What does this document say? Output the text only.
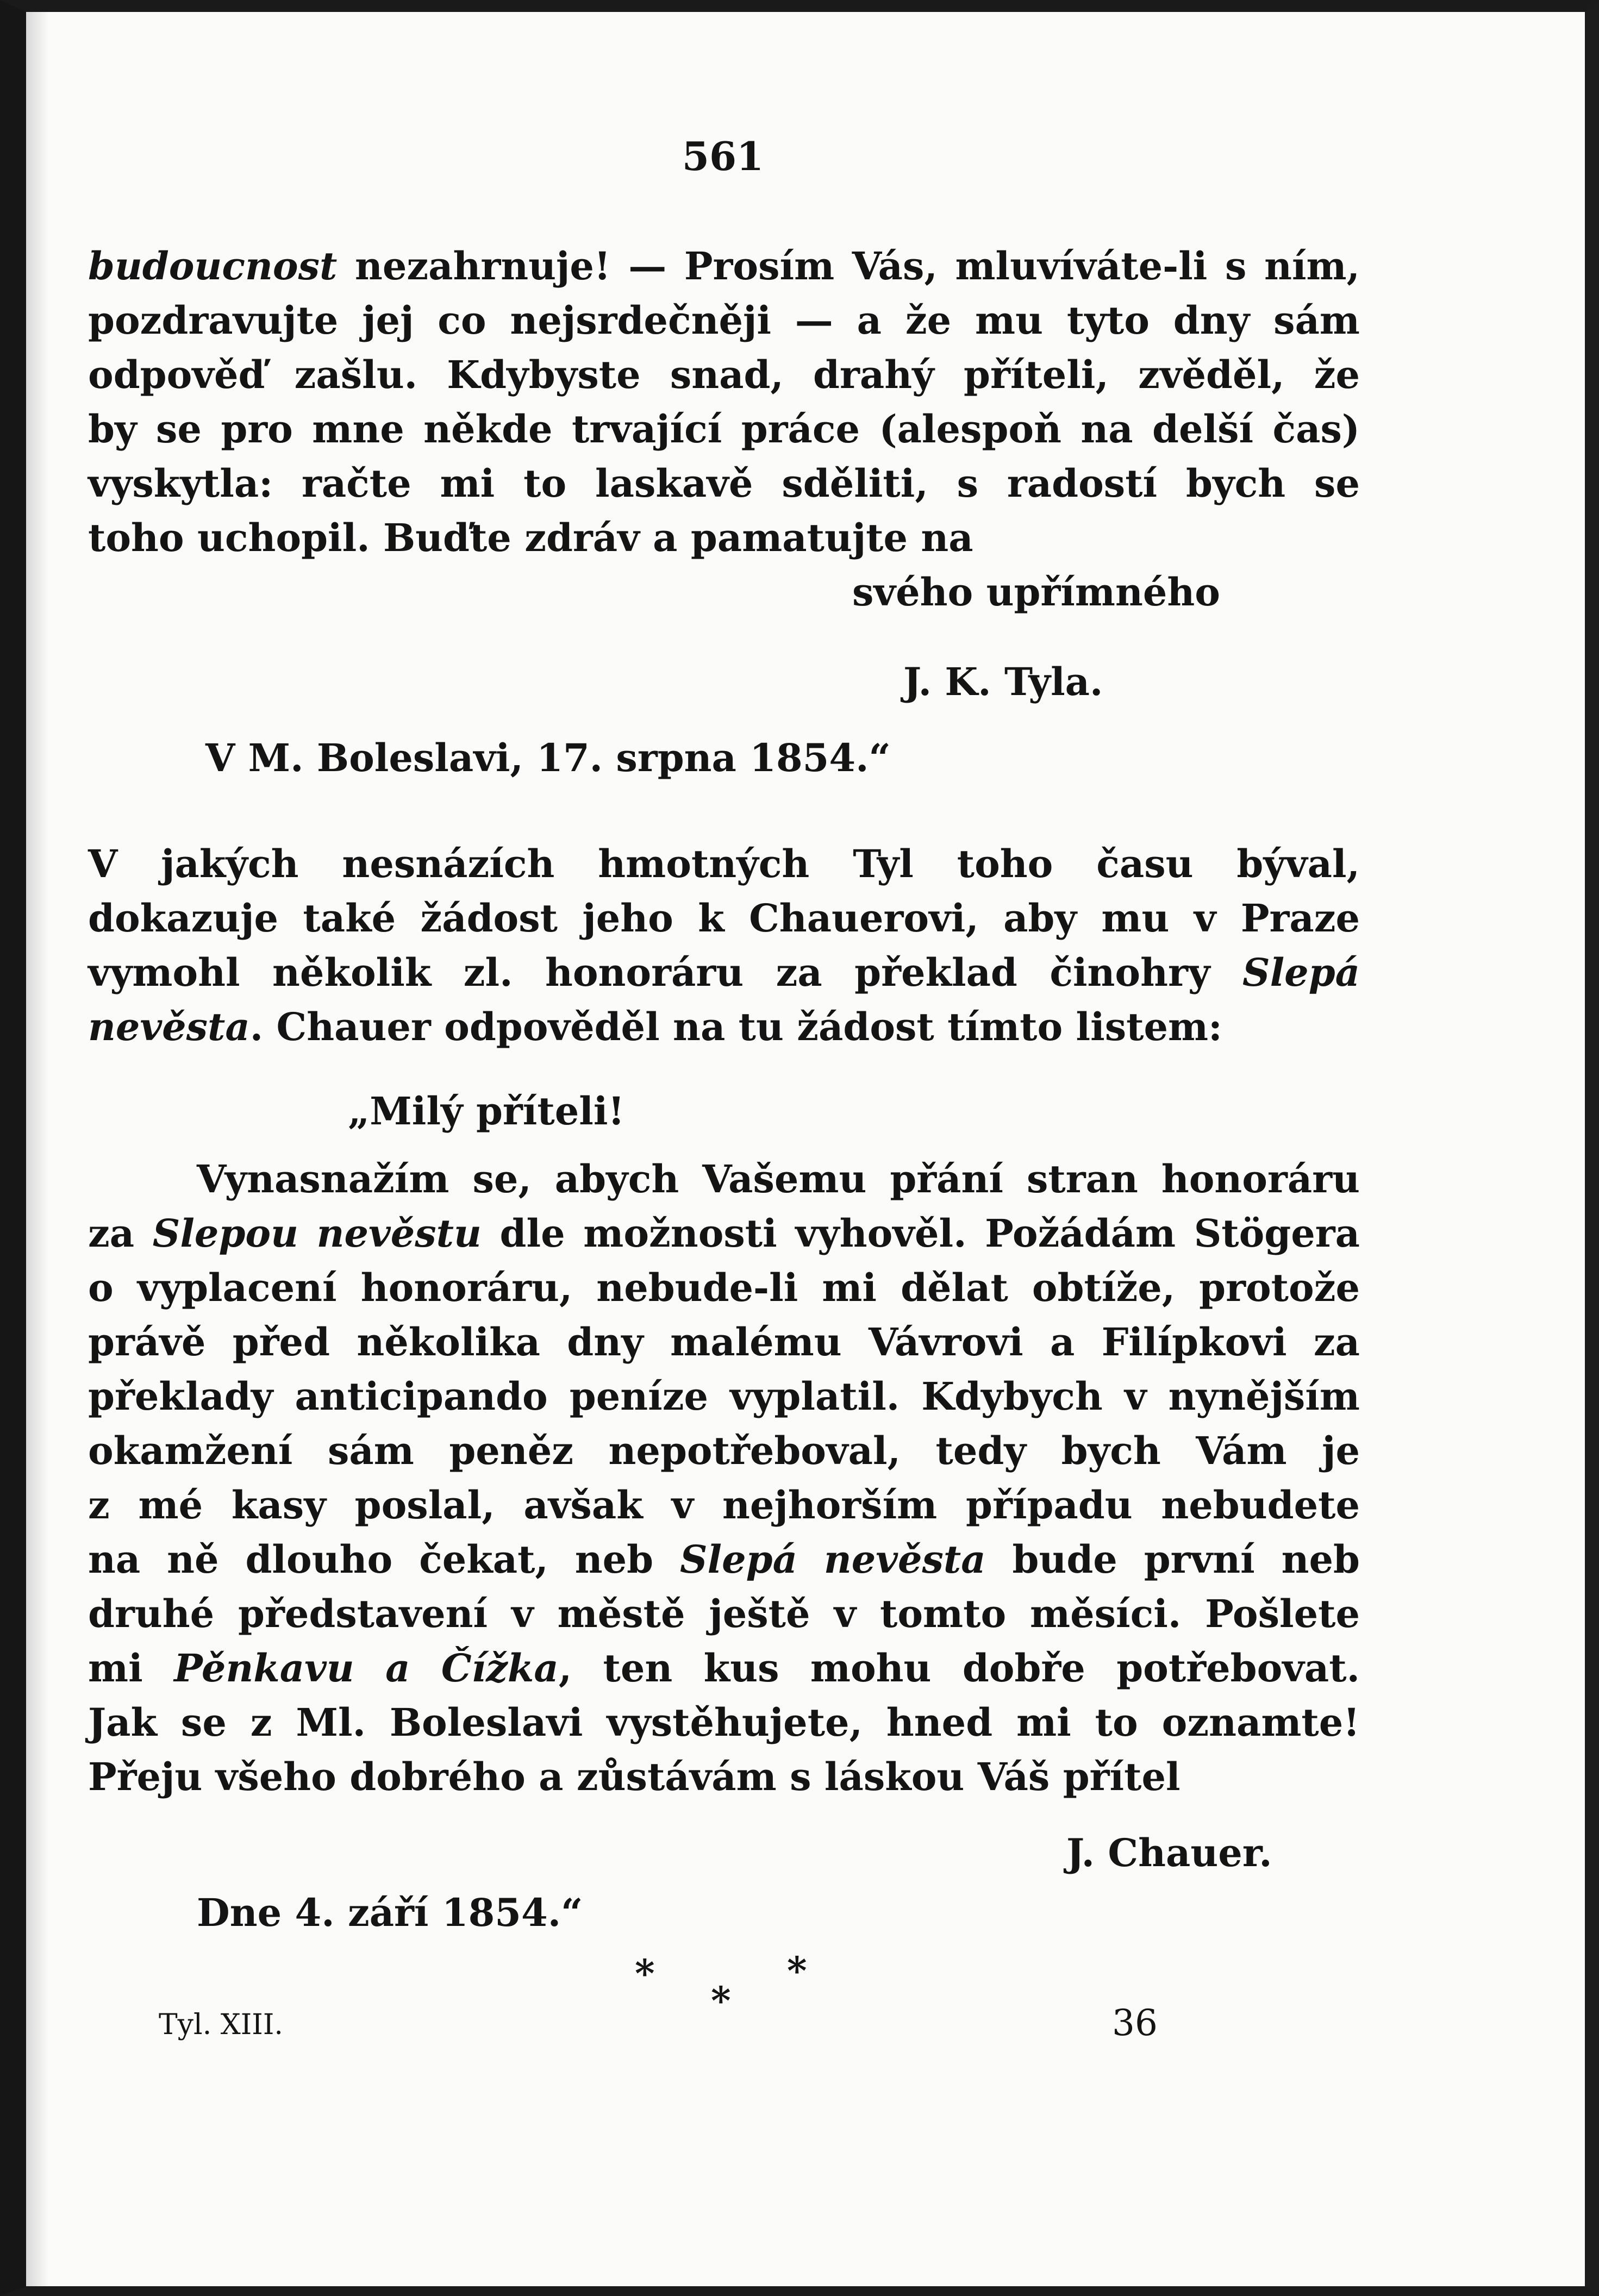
561
budoucnost nezahrnuje! — Prosím Vás, mluvíváte-li s ním,
pozdravujte jej co nejsrdečněji — a že mu tyto dny sám
odpověď zašlu. Kdybyste snad, drahý příteli, zvěděl, že
by se pro mne někde trvající práce (alespoň na delší čas)
vyskytla: račte mi to laskavě sděliti, s radostí bych se
toho uchopil. Buďte zdráv a pamatujte na
svého upřímného
J. K. Tyla.
V M. Boleslavi, 17. srpna 1854.“
V jakých nesnázích hmotných Tyl toho času býval,
dokazuje také žádost jeho k Chauerovi, aby mu v Praze
vymohl několik zl. honoráru za překlad činohry Slepá
nevěsta. Chauer odpověděl na tu žádost tímto listem:
„Milý příteli!
Vynasnažím se, abych Vašemu přání stran honoráru
za Slepou nevěstu dle možnosti vyhověl. Požádám Stögera
o vyplacení honoráru, nebude-li mi dělat obtíže, protože
právě před několika dny malému Vávrovi a Filípkovi za
překlady anticipando peníze vyplatil. Kdybych v nynějším
okamžení sám peněz nepotřeboval, tedy bych Vám je
z mé kasy poslal, avšak v nejhorším případu nebudete
na ně dlouho čekat, neb Slepá nevěsta bude první neb
druhé představení v městě ještě v tomto měsíci. Pošlete
mi Pěnkavu a Čížka, ten kus mohu dobře potřebovat.
Jak se z Ml. Boleslavi vystěhujete, hned mi to oznamte!
Přeju všeho dobrého a zůstávám s láskou Váš přítel
J. Chauer.
Dne 4. září 1854.“
*	*
*
Tyl. XIII.	36
